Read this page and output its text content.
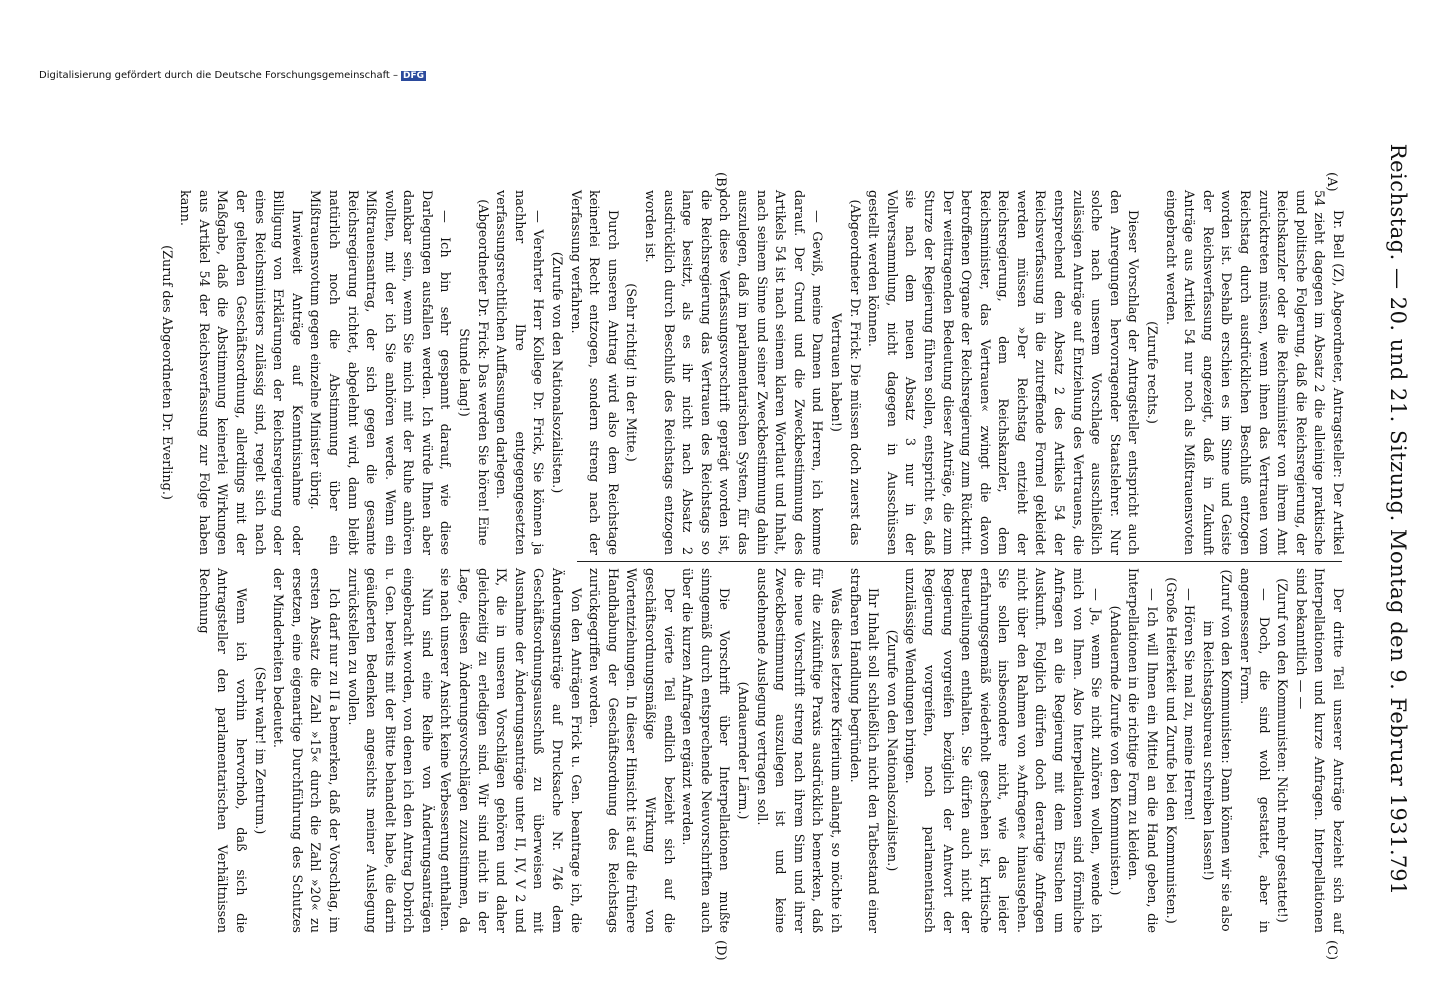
Reichstag. — 20. und 21. Sitzung. Montag den 9. Februar 1931.
791
(A)
(B)
(C)
(D)

Dr. Bell (Z), Abgeordneter, Antragsteller: Der Artikel 54 zieht dagegen im Absatz 2 die alleinige praktische und politische Folgerung, daß die Reichsregierung, der Reichskanzler oder die Reichsminister von ihrem Amt zurücktreten müssen, wenn ihnen das Vertrauen vom Reichstag durch ausdrücklichen Beschluß entzogen worden ist. Deshalb erschien es im Sinne und Geiste der Reichsverfassung angezeigt, daß in Zukunft Anträge aus Artikel 54 nur noch als Mißtrauensvoten eingebracht werden.

(Zurufe rechts.)

Dieser Vorschlag der Antragsteller entspricht auch den Anregungen hervorragender Staatslehrer. Nur solche nach unserem Vorschlage ausschließlich zulässigen Anträge auf Entziehung des Vertrauens, die entsprechend dem Absatz 2 des Artikels 54 der Reichsverfassung in die zutreffende Formel gekleidet werden müssen »Der Reichstag entzieht der Reichsregierung, dem Reichskanzler, dem Reichsminister, das Vertrauen« zwingt die davon betroffenen Organe der Reichsregierung zum Rücktritt. Der weittragenden Bedeutung dieser Anträge, die zum Sturze der Regierung führen sollen, entspricht es, daß sie nach dem neuen Absatz 3 nur in der Vollversammlung, nicht dagegen in Ausschüssen gestellt werden können.

(Abgeordneter Dr. Frick: Die müssen doch zuerst das Vertrauen haben!)

— Gewiß, meine Damen und Herren, ich komme darauf. Der Grund und die Zweckbestimmung des Artikels 54 ist nach seinem klaren Wortlaut und Inhalt, nach seinem Sinne und seiner Zweckbestimmung dahin auszulegen, daß im parlamentarischen System, für das doch diese Verfassungsvorschrift geprägt worden ist, die Reichsregierung das Vertrauen des Reichstags so lange besitzt, als es ihr nicht nach Absatz 2 ausdrücklich durch Beschluß des Reichstags entzogen worden ist.

(Sehr richtig! in der Mitte.)

Durch unseren Antrag wird also dem Reichstage keinerlei Recht entzogen, sondern streng nach der Verfassung verfahren.

(Zurufe von den Nationalsozialisten.)

— Verehrter Herr Kollege Dr. Frick, Sie können ja nachher Ihre entgegengesetzten verfassungsrechtlichen Auffassungen darlegen.

(Abgeordneter Dr. Frick: Das werden Sie hören! Eine Stunde lang!)

— Ich bin sehr gespannt darauf, wie diese Darlegungen ausfallen werden. Ich würde Ihnen aber dankbar sein, wenn Sie mich mit der Ruhe anhören wollten, mit der ich Sie anhören werde. Wenn ein Mißtrauensantrag, der sich gegen die gesamte Reichsregierung richtet, abgelehnt wird, dann bleibt natürlich noch die Abstimmung über ein Mißtrauensvotum gegen einzelne Minister übrig.

Inwieweit Anträge auf Kenntnisnahme oder Billigung von Erklärungen der Reichsregierung oder eines Reichsministers zulässig sind, regelt sich nach der geltenden Geschäftsordnung, allerdings mit der Maßgabe, daß die Abstimmung keinerlei Wirkungen aus Artikel 54 der Reichsverfassung zur Folge haben kann.

(Zuruf des Abgeordneten Dr. Everling.)

Der dritte Teil unserer Anträge bezieht sich auf Interpellationen und kurze Anfragen. Interpellationen sind bekanntlich — —

(Zuruf von den Kommunisten: Nicht mehr gestattet!)

— Doch, die sind wohl gestattet, aber in angemessener Form.

(Zuruf von den Kommunisten: Dann können wir sie also im Reichstagsbureau schreiben lassen!)

— Hören Sie mal zu, meine Herren!

(Große Heiterkeit und Zurufe bei den Kommunisten.)

— Ich will Ihnen ein Mittel an die Hand geben, die Interpellationen in die richtige Form zu kleiden.

(Andauernde Zurufe von den Kommunisten.)

— Ja, wenn Sie nicht zuhören wollen, wende ich mich von Ihnen. Also Interpellationen sind förmliche Anfragen an die Regierung mit dem Ersuchen um Auskunft. Folglich dürfen doch derartige Anfragen nicht über den Rahmen von »Anfragen« hinausgehen. Sie sollen insbesondere nicht, wie das leider erfahrungsgemäß wiederholt geschehen ist, kritische Beurteilungen enthalten. Sie dürfen auch nicht der Regierung vorgreifen bezüglich der Antwort der Regierung vorgreifen, noch parlamentarisch unzulässige Wendungen bringen.

(Zurufe von den Nationalsozialisten.)

Ihr Inhalt soll schließlich nicht den Tatbestand einer strafbaren Handlung begründen.

Was dieses letztere Kriterium anlangt, so möchte ich für die zukünftige Praxis ausdrücklich bemerken, daß die neue Vorschrift streng nach ihrem Sinn und ihrer Zweckbestimmung auszulegen ist und keine ausdehnende Auslegung vertragen soll.

(Andauernder Lärm.)

Die Vorschrift über Interpellationen mußte sinngemäß durch entsprechende Neuvorschriften auch über die kurzen Anfragen ergänzt werden.

Der vierte Teil endlich bezieht sich auf die geschäftsordnungsmäßige Wirkung von Wortentziehungen. In dieser Hinsicht ist auf die frühere Handhabung der Geschäftsordnung des Reichstags zurückgegriffen worden.

Von den Anträgen Frick u. Gen. beantrage ich, die Änderungsanträge auf Drucksache Nr. 746 dem Geschäftsordnungsausschuß zu überweisen mit Ausnahme der Änderungsanträge unter II, IV, V 2 und IX, die in unseren Vorschlägen gehören und daher gleichzeitig zu erledigen sind. Wir sind nicht in der Lage, diesen Änderungsvorschlägen zuzustimmen, da sie nach unserer Ansicht keine Verbesserung enthalten.

Nun sind eine Reihe von Änderungsanträgen eingebracht worden, von denen ich den Antrag Dobrich u. Gen. bereits mit der Bitte behandelt habe, die darin geäußerten Bedenken angesichts meiner Auslegung zurückstellen zu wollen.

Ich darf nur zu II a bemerken, daß der Vorschlag, im ersten Absatz die Zahl »15« durch die Zahl »20« zu ersetzen, eine eigenartige Durchführung des Schutzes der Minderheiten bedeutet.

(Sehr wahr! im Zentrum.)

Wenn ich vorhin hervorhob, daß sich die Antragsteller den parlamentarischen Verhältnissen Rechnung

Digitalisierung gefördert durch die Deutsche Forschungsgemeinschaft – DFG
